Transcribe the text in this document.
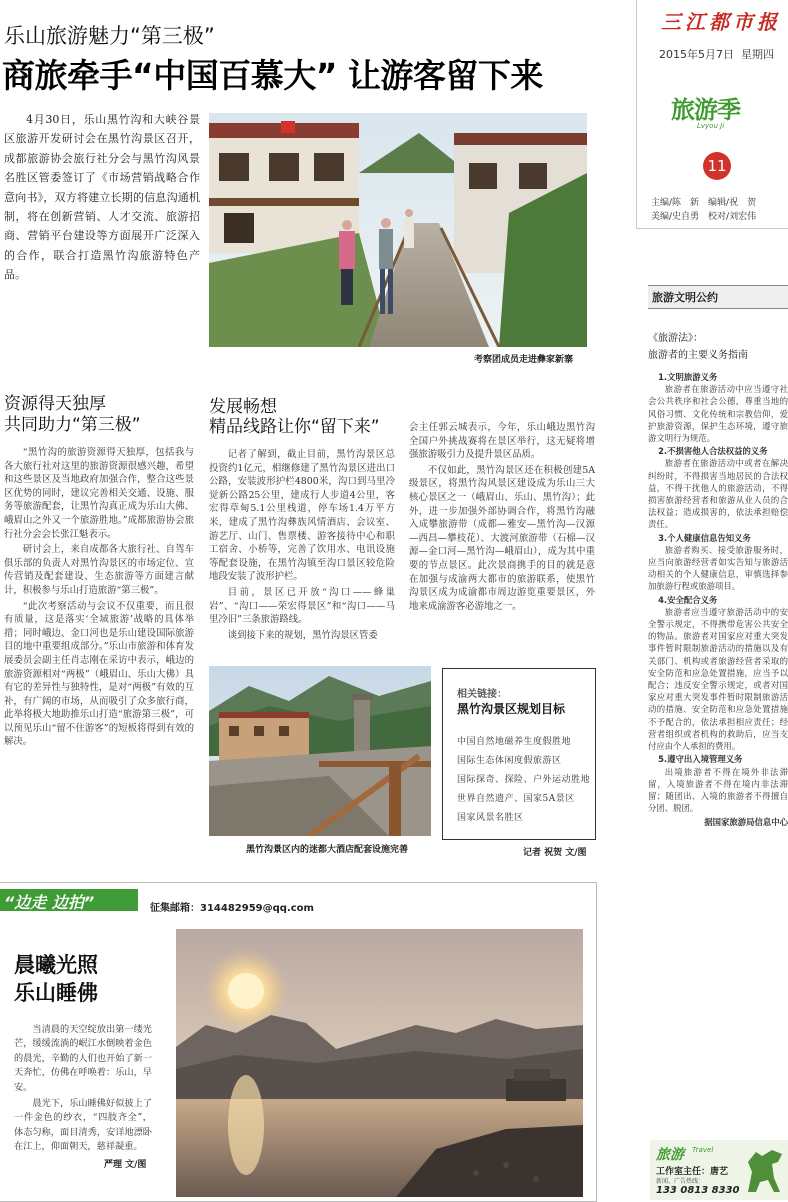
乐山旅游魅力“第三极”
商旅牵手“中国百慕大” 让游客留下来
4月30日，乐山黑竹沟和大峡谷景区旅游开发研讨会在黑竹沟景区召开，成都旅游协会旅行社分会与黑竹沟风景名胜区管委签订了《市场营销战略合作意向书》，双方将建立长期的信息沟通机制，将在创新营销、人才交流、旅游招商、营销平台建设等方面展开广泛深入的合作，联合打造黑竹沟旅游特色产品。
考察团成员走进彝家新寨
资源得天独厚
共同助力“第三极”

“黑竹沟的旅游资源得天独厚，包括我与各大旅行社对这里的旅游资源很感兴趣，希望和这些景区及当地政府加强合作，整合这些景区优势的同时，建议完善相关交通、设施、服务等旅游配套，让黑竹沟真正成为乐山大佛、峨眉山之外又一个旅游胜地。”成都旅游协会旅行社分会会长张江魁表示。

研讨会上，来自成都各大旅行社、自驾车俱乐部的负责人对黑竹沟景区的市场定位、宣传营销及配套建设、生态旅游等方面建言献计，积极参与乐山打造旅游“第三极”。

“此次考察活动与会议不仅重要，而且很有质量，这是落实‘全域旅游’战略的具体举措；同时峨边、金口河也是乐山建设国际旅游目的地中重要组成部分。”乐山市旅游和体育发展委员会副主任肖志刚在采访中表示，峨边的旅游资源相对“两极”（峨眉山、乐山大佛）具有它的差异性与独特性，是对“两极”有效的互补，有广阔的市场，从而吸引了众多旅行商，此举将极大地助推乐山打造“旅游第三极”，可以预见乐山“留不住游客”的短板将得到有效的解决。

发展畅想
精品线路让你“留下来”

记者了解到，截止目前，黑竹沟景区总投资约1亿元，相继修建了黑竹沟景区进出口公路，安装波形护栏4800米，沟口到马里冷觉新公路25公里，建成行人步道4公里，客宏得草甸5.1公里栈道，停车场1.4万平方米，建成了黑竹沟彝族风情酒店、会议室、游艺厅、山门、售票楼、游客接待中心和职工宿舍、小桥等，完善了饮用水、电讯设施等配套设施，在黑竹沟镇至沟口景区较危险地段安装了波形护栏。

目前，景区已开放“沟口——蜂巢岩”、“沟口——荣宏得景区”和“沟口——马里冷旧”三条旅游路线。

谈到接下来的规划，黑竹沟景区管委

会主任郭云城表示，今年，乐山峨边黑竹沟全国户外挑战赛将在景区举行，这无疑将增强旅游吸引力及提升景区品质。

不仅如此，黑竹沟景区还在积极创建5A级景区，将黑竹沟风景区建设成为乐山三大核心景区之一（峨眉山、乐山、黑竹沟）；此外，进一步加强外部协调合作，将黑竹沟融入成攀旅游带（成都—雅安—黑竹沟—汉源—西昌—攀枝花）、大渡河旅游带（石棉—汉源—金口河—黑竹沟—峨眉山），成为其中重要的节点景区。此次景商携手的目的就是意在加强与成渝两大都市的旅游联系，使黑竹沟景区成为成渝都市周边游览重要景区，外地来成渝游客必游地之一。

黑竹沟景区内的迷都大酒店配套设施完善
相关链接：
黑竹沟景区规划目标
中国自然地磁养生度假胜地
国际生态体闲度假旅游区
国际探奇、探险、户外运动胜地
世界自然遗产、国家5A景区
国家风景名胜区
记者 祝贺 文/图
三江都市报
2015年5月7日  星期四
旅游季
Lvyou Ji
11
主编/陈　新　编辑/祝　贺
美编/史自勇　校对/刘宏伟
旅游文明公约
《旅游法》：
旅游者的主要义务指南
1.文明旅游义务
旅游者在旅游活动中应当遵守社会公共秩序和社会公德，尊重当地的风俗习惯、文化传统和宗教信仰，爱护旅游资源，保护生态环境，遵守旅游文明行为规范。
2.不损害他人合法权益的义务
旅游者在旅游活动中或者在解决纠纷时，不得损害当地居民的合法权益，不得干扰他人的旅游活动，不得损害旅游经营者和旅游从业人员的合法权益；造成损害的，依法承担赔偿责任。
3.个人健康信息告知义务
旅游者购买、接受旅游服务时，应当向旅游经营者如实告知与旅游活动相关的个人健康信息，审慎选择参加旅游行程或旅游项目。
4.安全配合义务
旅游者应当遵守旅游活动中的安全警示规定，不得携带危害公共安全的物品。旅游者对国家应对重大突发事件暂时限制旅游活动的措施以及有关部门、机构或者旅游经营者采取的安全防范和应急处置措施，应当予以配合；违反安全警示规定，或者对国家应对重大突发事件暂时限制旅游活动的措施、安全防范和应急处置措施不予配合的，依法承担相应责任；经营者组织或者机构的救助后，应当支付应由个人承担的费用。
5.遵守出入境管理义务
出境旅游者不得在境外非法滞留，入境旅游者不得在境内非法滞留；随团出、入境的旅游者不得擅自分团、脱团。
据国家旅游局信息中心
“边走 边拍”	征集邮箱：314482959@qq.com
晨曦光照
乐山睡佛

当清晨的天空绽放出第一缕光芒，缓缓流淌的岷江水倒映着金色的晨光，辛勤的人们也开始了新一天奔忙，仿佛在呼唤着：乐山，早安。

晨光下，乐山睡佛好似披上了一件金色的纱衣，“四肢齐全”，体态匀称，面目清秀，安详地漂卧在江上，仰面朝天，慈祥凝重。

严理 文/图
旅游 Travel
工作室主任：唐艺
新闻、广告热线：
133 0813 8330
